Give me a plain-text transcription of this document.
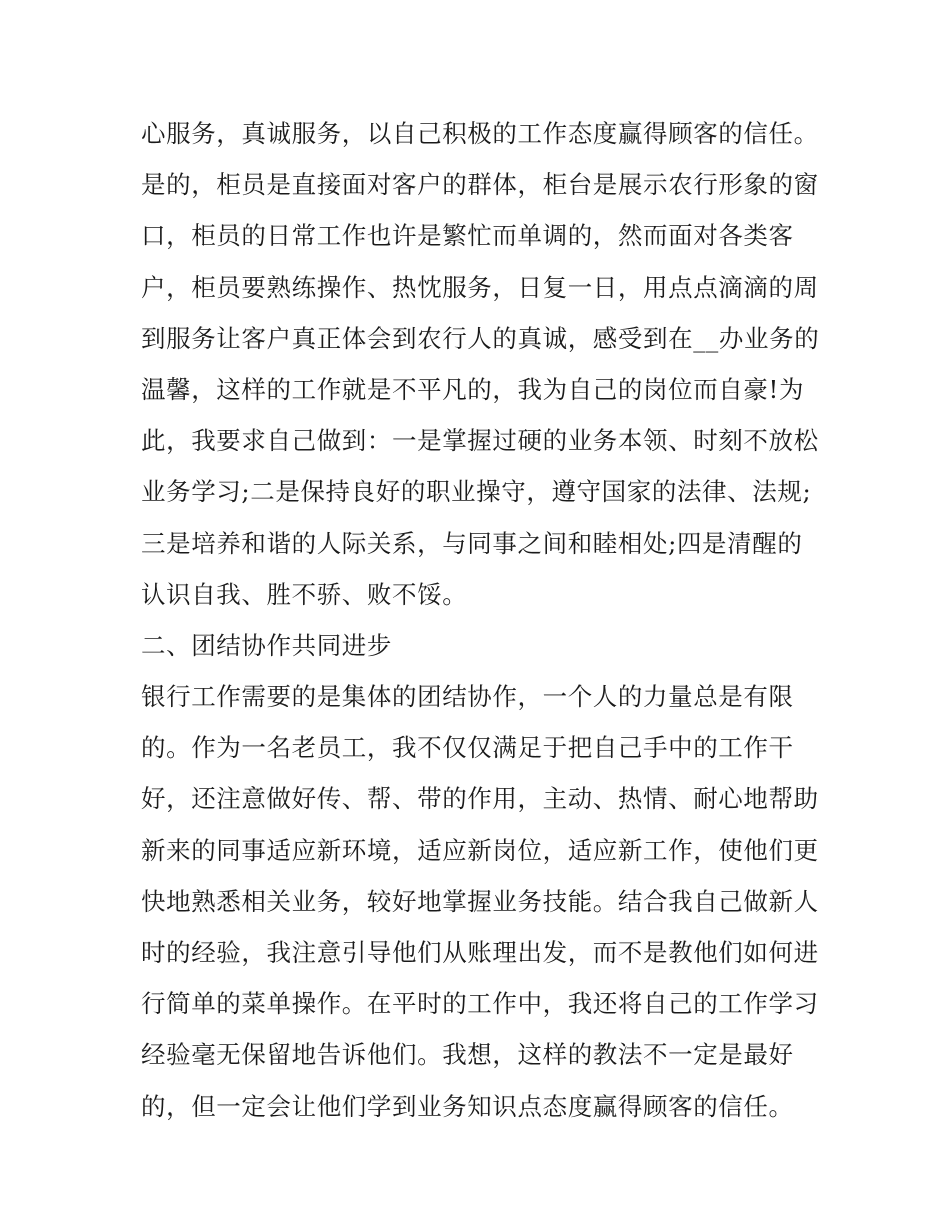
心服务，真诚服务，以自己积极的工作态度赢得顾客的信任。
是的，柜员是直接面对客户的群体，柜台是展示农行形象的窗
口，柜员的日常工作也许是繁忙而单调的，然而面对各类客
户，柜员要熟练操作、热忱服务，日复一日，用点点滴滴的周
到服务让客户真正体会到农行人的真诚，感受到在__办业务的
温馨，这样的工作就是不平凡的，我为自己的岗位而自豪!为
此，我要求自己做到：一是掌握过硬的业务本领、时刻不放松
业务学习;二是保持良好的职业操守，遵守国家的法律、法规;
三是培养和谐的人际关系，与同事之间和睦相处;四是清醒的
认识自我、胜不骄、败不馁。
二、团结协作共同进步
银行工作需要的是集体的团结协作，一个人的力量总是有限
的。作为一名老员工，我不仅仅满足于把自己手中的工作干
好，还注意做好传、帮、带的作用，主动、热情、耐心地帮助
新来的同事适应新环境，适应新岗位，适应新工作，使他们更
快地熟悉相关业务，较好地掌握业务技能。结合我自己做新人
时的经验，我注意引导他们从账理出发，而不是教他们如何进
行简单的菜单操作。在平时的工作中，我还将自己的工作学习
经验毫无保留地告诉他们。我想，这样的教法不一定是最好
的，但一定会让他们学到业务知识点态度赢得顾客的信任。
